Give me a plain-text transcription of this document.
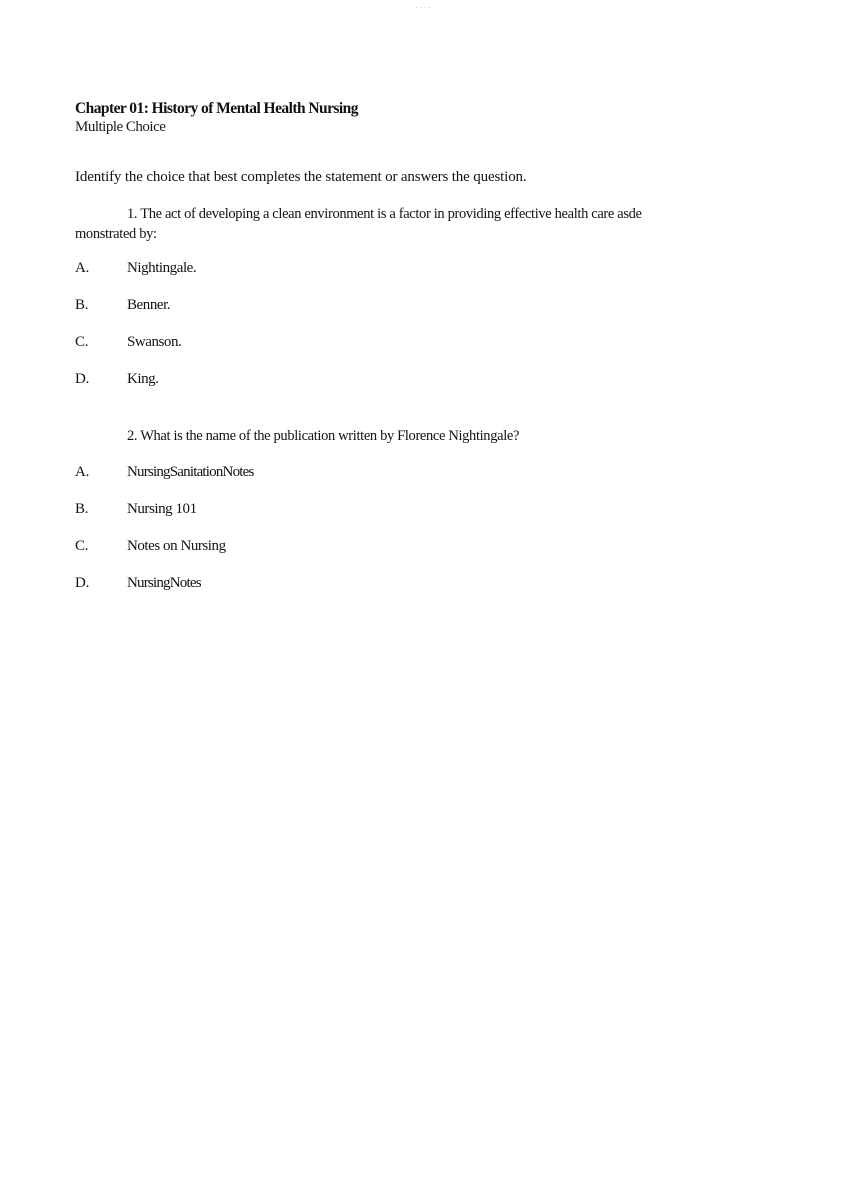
....
Chapter 01: History of Mental Health Nursing

Multiple Choice

Identify the choice that best completes the statement or answers the question.

1. The act of developing a clean environment is a factor in providing effective health care asde monstrated by:

A.	Nightingale.
B.	Benner.
C.	Swanson.
D.	King.

2. What is the name of the publication written by Florence Nightingale?

A.	NursingSanitationNotes
B.	Nursing 101
C.	Notes on Nursing
D.	NursingNotes
